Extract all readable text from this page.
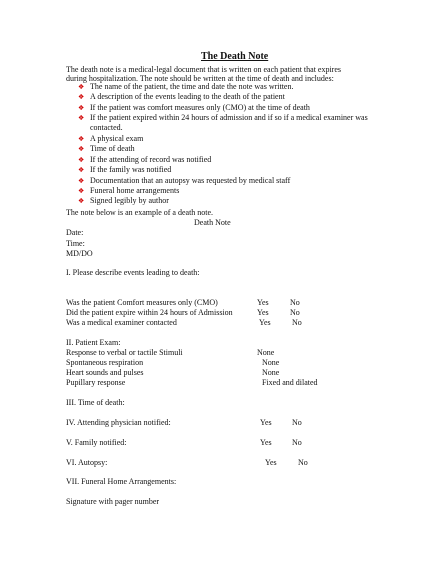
The Death Note
The death note is a medical-legal document that is written on each patient that expires
during hospitalization. The note should be written at the time of death and includes:
❖ The name of the patient, the time and date the note was written.
❖ A description of the events leading to the death of the patient
❖ If the patient was comfort measures only (CMO) at the time of death
❖ If the patient expired within 24 hours of admission and if so if a medical examiner was contacted.
❖ A physical exam
❖ Time of death
❖ If the attending of record was notified
❖ If the family was notified
❖ Documentation that an autopsy was requested by medical staff
❖ Funeral home arrangements
❖ Signed legibly by author
The note below is an example of a death note.
Death Note
Date:
Time:
MD/DO
I. Please describe events leading to death:
Was the patient Comfort measures only (CMO)	Yes	No
Did the patient expire within 24 hours of Admission	Yes	No
Was a medical examiner contacted	Yes	No
II. Patient Exam:
Response to verbal or tactile Stimuli	None
Spontaneous respiration	None
Heart sounds and pulses	None
Pupillary response	Fixed and dilated
III. Time of death:
IV. Attending physician notified:	Yes	No
V. Family notified:	Yes	No
VI. Autopsy:	Yes	No
VII. Funeral Home Arrangements:
Signature with pager number
